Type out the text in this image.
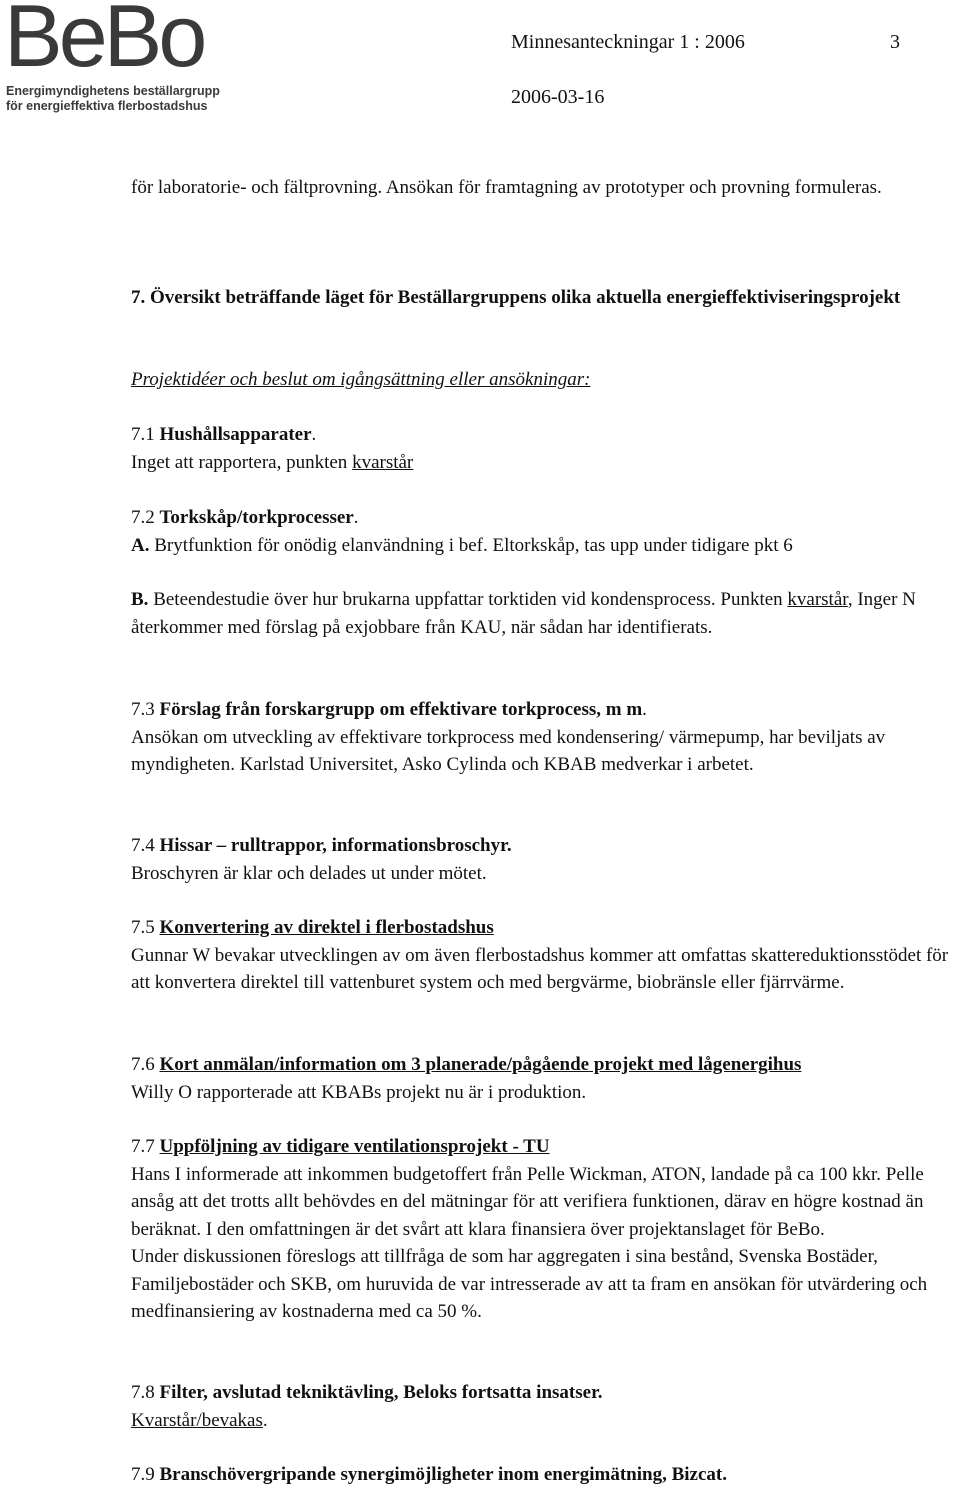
BeBo
Energimyndighetens beställargrupp
för energieffektiva flerbostadshus
Minnesanteckningar 1 : 2006	3
2006-03-16

för laboratorie- och fältprovning. Ansökan för framtagning av prototyper och provning formuleras.

7. Översikt beträffande läget för Beställargruppens olika aktuella energieffektiviseringsprojekt

Projektidéer och beslut om igångsättning eller ansökningar:

7.1 Hushållsapparater.
Inget att rapportera, punkten kvarstår

7.2 Torkskåp/torkprocesser.
A. Brytfunktion för onödig elanvändning i bef. Eltorkskåp, tas upp under tidigare pkt 6

B. Beteendestudie över hur brukarna uppfattar torktiden vid kondensprocess. Punkten kvarstår, Inger N återkommer med förslag på exjobbare från KAU, när sådan har identifierats.

7.3 Förslag från forskargrupp om effektivare torkprocess, m m.
Ansökan om utveckling av effektivare torkprocess med kondensering/ värmepump, har beviljats av myndigheten. Karlstad Universitet, Asko Cylinda och KBAB medverkar i arbetet.

7.4 Hissar – rulltrappor, informationsbroschyr.
Broschyren är klar och delades ut under mötet.

7.5 Konvertering av direktel i flerbostadshus
Gunnar W bevakar utvecklingen av om även flerbostadshus kommer att omfattas skattereduktionsstödet för att konvertera direktel till vattenburet system och med bergvärme, biobränsle eller fjärrvärme.

7.6 Kort anmälan/information om 3 planerade/pågående projekt med lågenergihus
Willy O rapporterade att KBABs projekt nu är i produktion.

7.7 Uppföljning av tidigare ventilationsprojekt - TU
Hans I informerade att inkommen budgetoffert från Pelle Wickman, ATON, landade på ca 100 kkr. Pelle ansåg att det trotts allt behövdes en del mätningar för att verifiera funktionen, därav en högre kostnad än beräknat. I den omfattningen är det svårt att klara finansiera över projektanslaget för BeBo.
Under diskussionen föreslogs att tillfråga de som har aggregaten i sina bestånd, Svenska Bostäder, Familjebostäder och SKB, om huruvida de var intresserade av att ta fram en ansökan för utvärdering och medfinansiering av kostnaderna med ca 50 %.

7.8 Filter, avslutad tekniktävling, Beloks fortsatta insatser.
Kvarstår/bevakas.

7.9 Branschövergripande synergimöjligheter inom energimätning, Bizcat.
